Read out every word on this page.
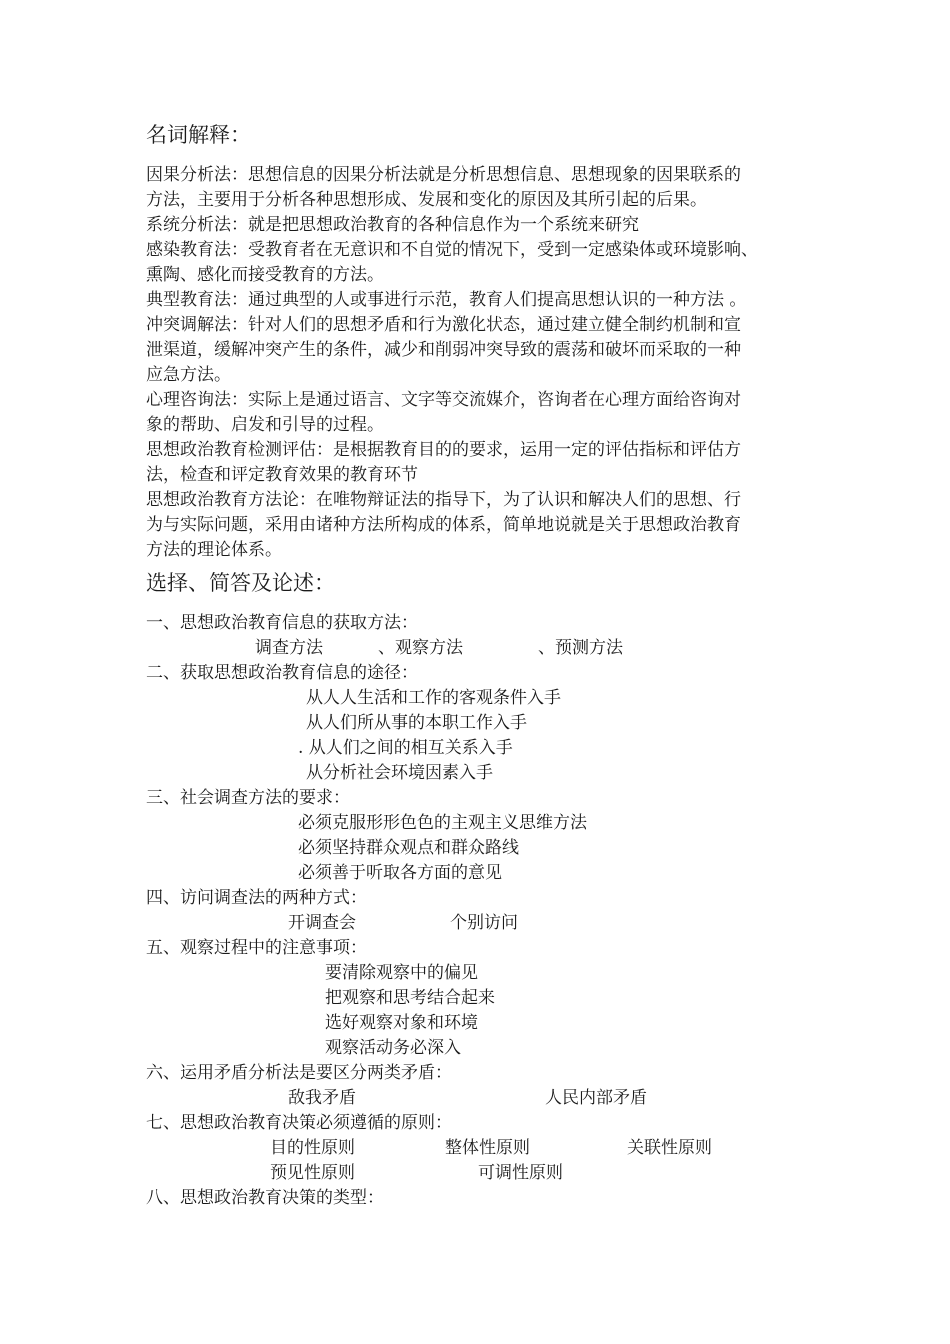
名词解释：
因果分析法：思想信息的因果分析法就是分析思想信息、思想现象的因果联系的
方法，主要用于分析各种思想形成、发展和变化的原因及其所引起的后果。
系统分析法：就是把思想政治教育的各种信息作为一个系统来研究
感染教育法：受教育者在无意识和不自觉的情况下，受到一定感染体或环境影响、
熏陶、感化而接受教育的方法。
典型教育法：通过典型的人或事进行示范，教育人们提高思想认识的一种方法 。
冲突调解法：针对人们的思想矛盾和行为激化状态，通过建立健全制约机制和宣
泄渠道，缓解冲突产生的条件，减少和削弱冲突导致的震荡和破坏而采取的一种
应急方法。
心理咨询法：实际上是通过语言、文字等交流媒介，咨询者在心理方面给咨询对
象的帮助、启发和引导的过程。
思想政治教育检测评估：是根据教育目的的要求，运用一定的评估指标和评估方
法，检查和评定教育效果的教育环节
思想政治教育方法论：在唯物辩证法的指导下，为了认识和解决人们的思想、行
为与实际问题，采用由诸种方法所构成的体系，简单地说就是关于思想政治教育
方法的理论体系。
选择、简答及论述：
一、思想政治教育信息的获取方法：
调查方法	、观察方法	、预测方法
二、获取思想政治教育信息的途径：
从人人生活和工作的客观条件入手
从人们所从事的本职工作入手
. 从人们之间的相互关系入手
从分析社会环境因素入手
三、社会调查方法的要求：
必须克服形形色色的主观主义思维方法
必须坚持群众观点和群众路线
必须善于听取各方面的意见
四、访问调查法的两种方式：
开调查会	个别访问
五、观察过程中的注意事项：
要清除观察中的偏见
把观察和思考结合起来
选好观察对象和环境
观察活动务必深入
六、运用矛盾分析法是要区分两类矛盾：
敌我矛盾	人民内部矛盾
七、思想政治教育决策必须遵循的原则：
目的性原则	整体性原则	关联性原则
预见性原则	可调性原则
八、思想政治教育决策的类型：
